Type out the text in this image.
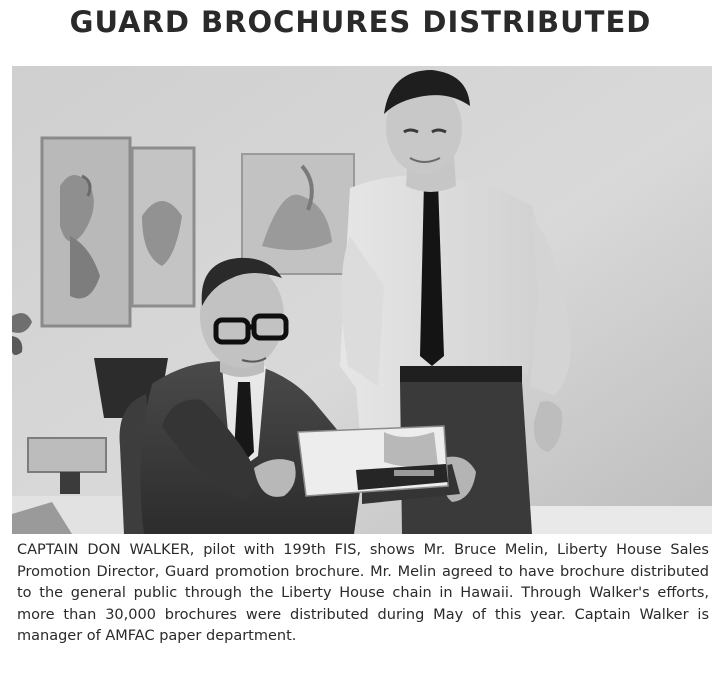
GUARD BROCHURES DISTRIBUTED

CAPTAIN DON WALKER, pilot with 199th FIS, shows Mr. Bruce Melin, Liberty House Sales Promotion Director, Guard promotion brochure. Mr. Melin agreed to have brochure distributed to the general public through the Liberty House chain in Hawaii. Through Walker's efforts, more than 30,000 brochures were distributed during May of this year. Captain Walker is manager of AMFAC paper department.
